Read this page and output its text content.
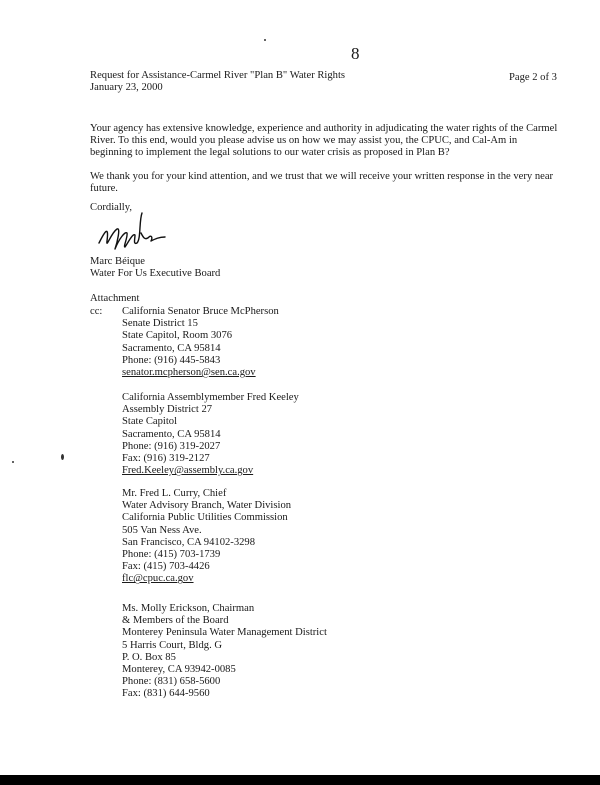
8
Request for Assistance-Carmel River "Plan B" Water Rights
January 23, 2000
Page 2 of 3
Your agency has extensive knowledge, experience and authority in adjudicating the water rights of the Carmel River. To this end, would you please advise us on how we may assist you, the CPUC, and Cal-Am in beginning to implement the legal solutions to our water crisis as proposed in Plan B?
We thank you for your kind attention, and we trust that we will receive your written response in the very near future.
Cordially,
Marc Béique
Water For Us Executive Board
Attachment
cc: California Senator Bruce McPherson
Senate District 15
State Capitol, Room 3076
Sacramento, CA 95814
Phone: (916) 445-5843
senator.mcpherson@sen.ca.gov
California Assemblymember Fred Keeley
Assembly District 27
State Capitol
Sacramento, CA 95814
Phone: (916) 319-2027
Fax: (916) 319-2127
Fred.Keeley@assembly.ca.gov
Mr. Fred L. Curry, Chief
Water Advisory Branch, Water Division
California Public Utilities Commission
505 Van Ness Ave.
San Francisco, CA 94102-3298
Phone: (415) 703-1739
Fax: (415) 703-4426
flc@cpuc.ca.gov
Ms. Molly Erickson, Chairman
& Members of the Board
Monterey Peninsula Water Management District
5 Harris Court, Bldg. G
P. O. Box 85
Monterey, CA 93942-0085
Phone: (831) 658-5600
Fax: (831) 644-9560
